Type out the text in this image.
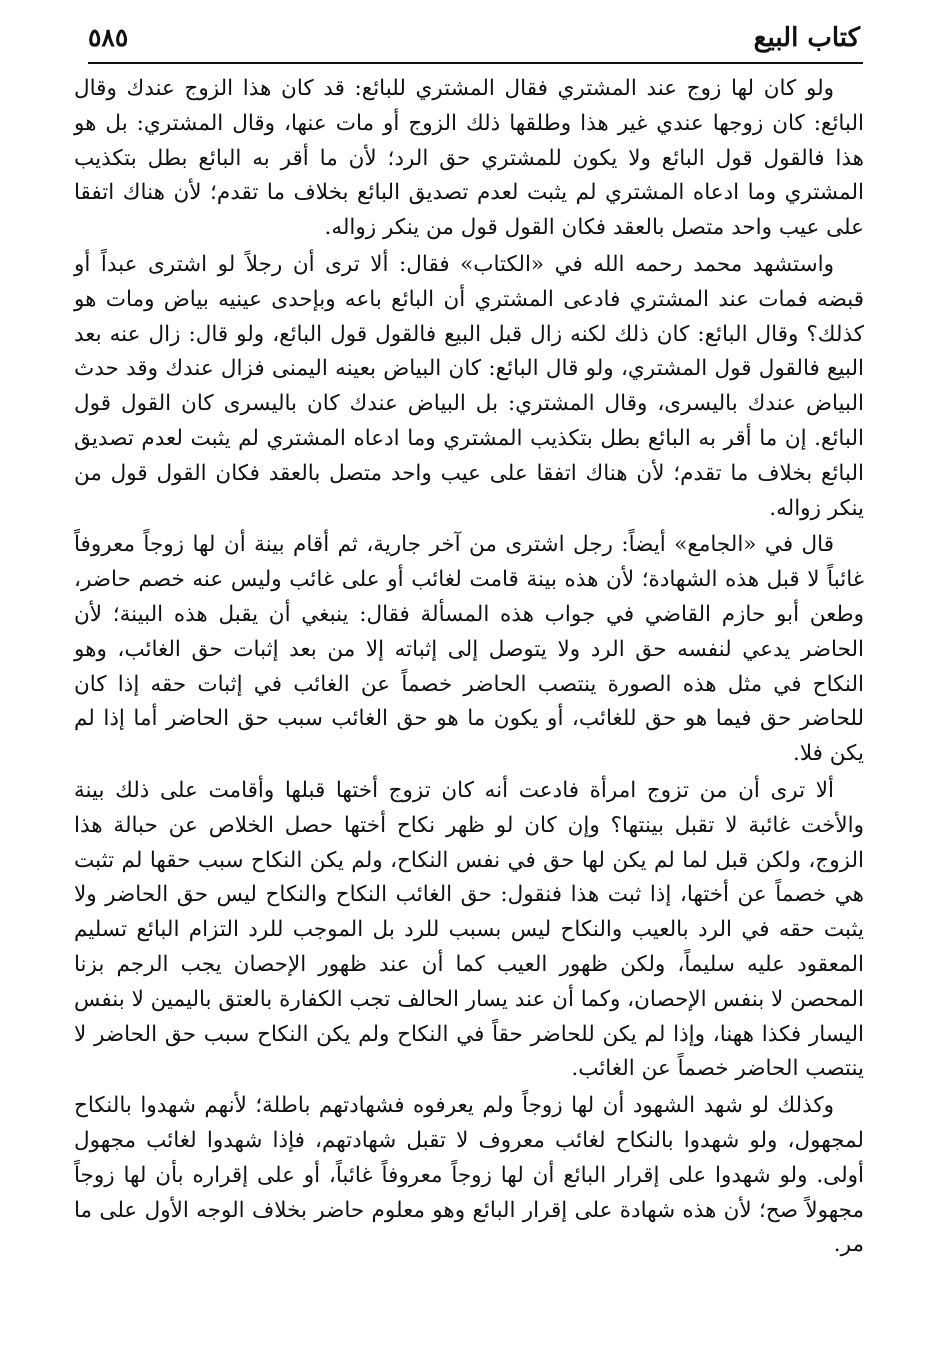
٥٨٥	كتاب البيع

ولو كان لها زوج عند المشتري فقال المشتري للبائع: قد كان هذا الزوج عندك وقال البائع: كان زوجها عندي غير هذا وطلقها ذلك الزوج أو مات عنها، وقال المشتري: بل هو هذا فالقول قول البائع ولا يكون للمشتري حق الرد؛ لأن ما أقر به البائع بطل بتكذيب المشتري وما ادعاه المشتري لم يثبت لعدم تصديق البائع بخلاف ما تقدم؛ لأن هناك اتفقا على عيب واحد متصل بالعقد فكان القول قول من ينكر زواله.

واستشهد محمد رحمه الله في «الكتاب» فقال: ألا ترى أن رجلاً لو اشترى عبداً أو قبضه فمات عند المشتري فادعى المشتري أن البائع باعه وبإحدى عينيه بياض ومات هو كذلك؟ وقال البائع: كان ذلك لكنه زال قبل البيع فالقول قول البائع، ولو قال: زال عنه بعد البيع فالقول قول المشتري، ولو قال البائع: كان البياض بعينه اليمنى فزال عندك وقد حدث البياض عندك باليسرى، وقال المشتري: بل البياض عندك كان باليسرى كان القول قول البائع. إن ما أقر به البائع بطل بتكذيب المشتري وما ادعاه المشتري لم يثبت لعدم تصديق البائع بخلاف ما تقدم؛ لأن هناك اتفقا على عيب واحد متصل بالعقد فكان القول قول من ينكر زواله.

قال في «الجامع» أيضاً: رجل اشترى من آخر جارية، ثم أقام بينة أن لها زوجاً معروفاً غائباً لا قبل هذه الشهادة؛ لأن هذه بينة قامت لغائب أو على غائب وليس عنه خصم حاضر، وطعن أبو حازم القاضي في جواب هذه المسألة فقال: ينبغي أن يقبل هذه البينة؛ لأن الحاضر يدعي لنفسه حق الرد ولا يتوصل إلى إثباته إلا من بعد إثبات حق الغائب، وهو النكاح في مثل هذه الصورة ينتصب الحاضر خصماً عن الغائب في إثبات حقه إذا كان للحاضر حق فيما هو حق للغائب، أو يكون ما هو حق الغائب سبب حق الحاضر أما إذا لم يكن فلا.

ألا ترى أن من تزوج امرأة فادعت أنه كان تزوج أختها قبلها وأقامت على ذلك بينة والأخت غائبة لا تقبل بينتها؟ وإن كان لو ظهر نكاح أختها حصل الخلاص عن حبالة هذا الزوج، ولكن قبل لما لم يكن لها حق في نفس النكاح، ولم يكن النكاح سبب حقها لم تثبت هي خصماً عن أختها، إذا ثبت هذا فنقول: حق الغائب النكاح والنكاح ليس حق الحاضر ولا يثبت حقه في الرد بالعيب والنكاح ليس بسبب للرد بل الموجب للرد التزام البائع تسليم المعقود عليه سليماً، ولكن ظهور العيب كما أن عند ظهور الإحصان يجب الرجم بزنا المحصن لا بنفس الإحصان، وكما أن عند يسار الحالف تجب الكفارة بالعتق باليمين لا بنفس اليسار فكذا ههنا، وإذا لم يكن للحاضر حقاً في النكاح ولم يكن النكاح سبب حق الحاضر لا ينتصب الحاضر خصماً عن الغائب.

وكذلك لو شهد الشهود أن لها زوجاً ولم يعرفوه فشهادتهم باطلة؛ لأنهم شهدوا بالنكاح لمجهول، ولو شهدوا بالنكاح لغائب معروف لا تقبل شهادتهم، فإذا شهدوا لغائب مجهول أولى. ولو شهدوا على إقرار البائع أن لها زوجاً معروفاً غائباً، أو على إقراره بأن لها زوجاً مجهولاً صح؛ لأن هذه شهادة على إقرار البائع وهو معلوم حاضر بخلاف الوجه الأول على ما مر.
